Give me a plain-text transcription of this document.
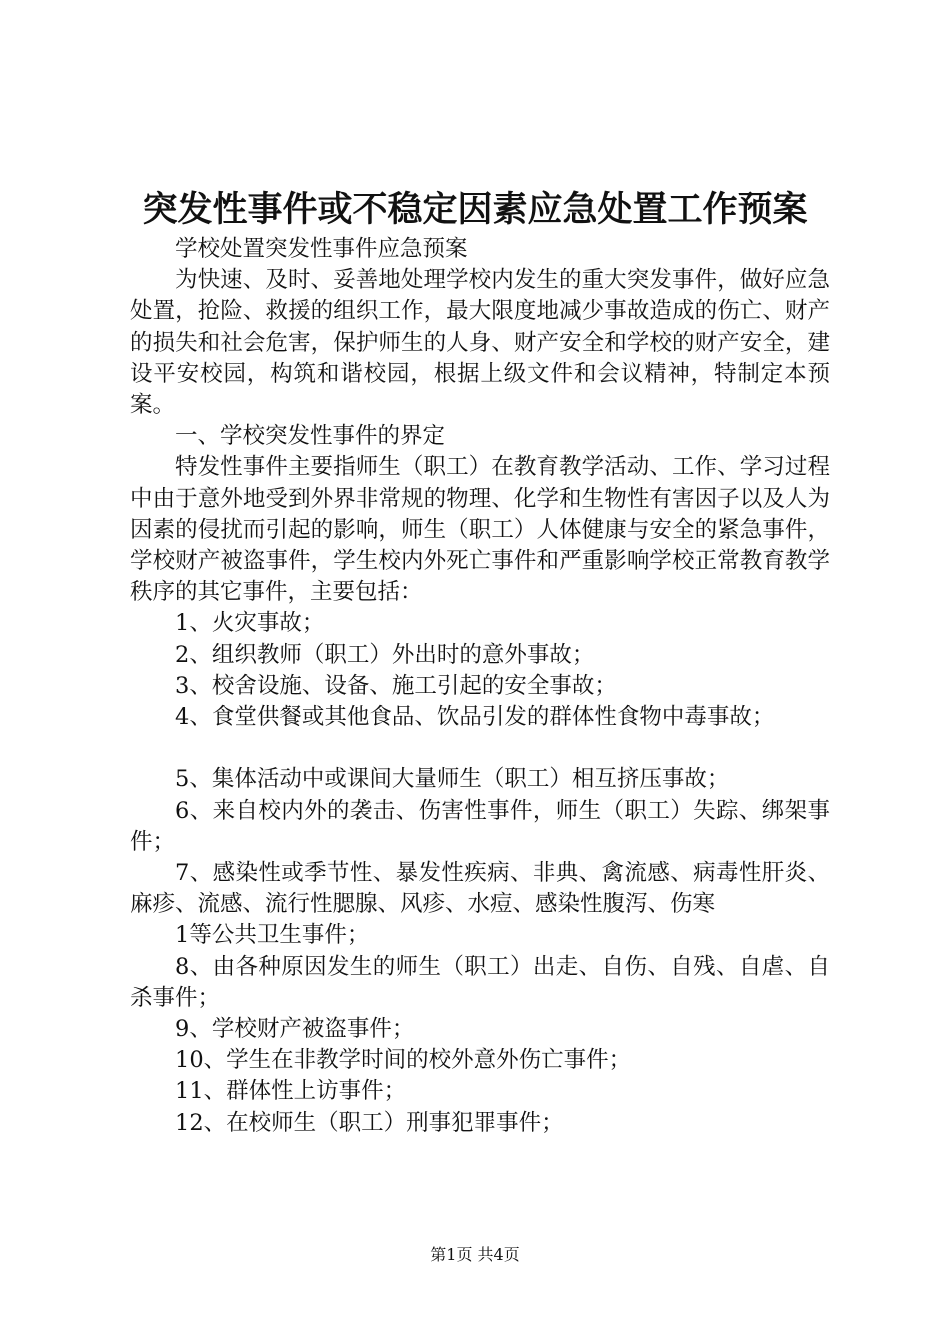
突发性事件或不稳定因素应急处置工作预案

学校处置突发性事件应急预案

为快速、及时、妥善地处理学校内发生的重大突发事件，做好应急处置，抢险、救援的组织工作，最大限度地减少事故造成的伤亡、财产的损失和社会危害，保护师生的人身、财产安全和学校的财产安全，建设平安校园，构筑和谐校园，根据上级文件和会议精神，特制定本预案。

一、学校突发性事件的界定

特发性事件主要指师生（职工）在教育教学活动、工作、学习过程中由于意外地受到外界非常规的物理、化学和生物性有害因子以及人为因素的侵扰而引起的影响，师生（职工）人体健康与安全的紧急事件，学校财产被盗事件，学生校内外死亡事件和严重影响学校正常教育教学秩序的其它事件，主要包括：

1、火灾事故；

2、组织教师（职工）外出时的意外事故；

3、校舍设施、设备、施工引起的安全事故；

4、食堂供餐或其他食品、饮品引发的群体性食物中毒事故；

5、集体活动中或课间大量师生（职工）相互挤压事故；

6、来自校内外的袭击、伤害性事件，师生（职工）失踪、绑架事件；

7、感染性或季节性、暴发性疾病、非典、禽流感、病毒性肝炎、麻疹、流感、流行性腮腺、风疹、水痘、感染性腹泻、伤寒

1等公共卫生事件；

8、由各种原因发生的师生（职工）出走、自伤、自残、自虐、自杀事件；

9、学校财产被盗事件；

10、学生在非教学时间的校外意外伤亡事件；

11、群体性上访事件；

12、在校师生（职工）刑事犯罪事件；

第1页 共4页
